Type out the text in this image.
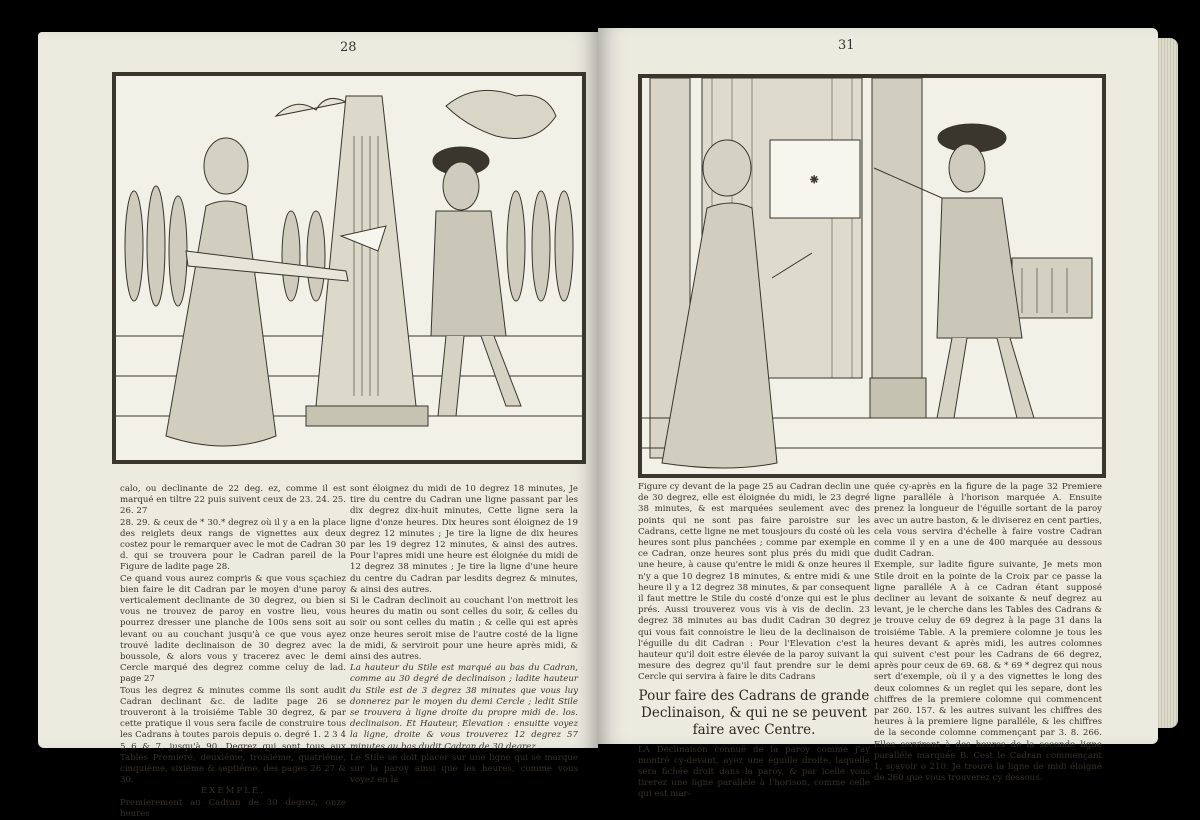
28

calo, ou declinante de 22 deg. ez, comme il est marqué en tiltre 22 puis suivent ceux de 23. 24. 25. 26. 27

28. 29. & ceux de * 30.* degrez où il y a en la place des reiglets deux rangs de vignettes aux deux costez pour le remarquer avec le mot de Cadran 30 d. qui se trouvera pour le Cadran pareil de la Figure de ladite page 28.

Ce quand vous aurez compris & que vous sçachiez bien faire le dit Cadran par le moyen d'une paroy verticalement declinante de 30 degrez, ou bien si vous ne trouvez de paroy en vostre lieu, vous pourrez dresser une planche de 100s sens soit au levant ou au couchant jusqu'à ce que vous ayez trouvé ladite declinaison de 30 degrez avec la boussole, & alors vous y tracerez avec le demi Cercle marqué des degrez comme celuy de lad. page 27

Tous les degrez & minutes comme ils sont audit Cadran declinant &c. de ladite page 26 se trouveront à la troisiéme Table 30 degrez, & par cette pratique il vous sera facile de construire tous les Cadrans à toutes parois depuis o. degré 1. 2 3 4 5 6 & 7, jusqu'à 90. Degrez qui sont tous aux Tables Premiere, deuxiéme, troisiéme, quatriéme, cinquiéme, sixiéme & septiéme, des pages 26 27 & 30.

EXEMPLE,

Premierement au Cadran de 30 degrez, onze heures

sont éloignez du midi de 10 degrez 18 minutes, Je tire du centre du Cadran une ligne passant par les dix degrez dix-huit minutes, Cette ligne sera la ligne d'onze heures. Dix heures sont éloignez de 19 degrez 12 minutes ; Je tire la ligne de dix heures par les 19 degrez 12 minutes, & ainsi des autres. Pour l'apres midi une heure est éloignée du midi de 12 degrez 38 minutes ; Je tire la ligne d'une heure du centre du Cadran par lesdits degrez & minutes, & ainsi des autres.

Si le Cadran declinoit au couchant l'on mettroit les heures du matin ou sont celles du soir, & celles du soir ou sont celles du matin ; & celle qui est après onze heures seroit mise de l'autre costé de la ligne de midi, & serviroit pour une heure après midi, & ainsi des autres.

La hauteur du Stile est marqué au bas du Cadran, comme au 30 degré de declinaison ; ladite hauteur du Stile est de 3 degrez 38 minutes que vous luy donnerez par le moyen du demi Cercle ; ledit Stile se trouvera à ligne droite du propre midi de. los. declinaison. Et Hauteur, Elevation : ensuitte voyez la ligne, droite & vous trouverez 12 degrez 57 minutes au bas dudit Cadran de 30 degrez.

Le Stile se doit placer sur une ligne qui se marque sur la paroy ainsi que les heures, comme vous voyez en la

31
✳

Figure cy devant de la page 25 au Cadran declin une de 30 degrez, elle est éloignée du midi, le 23 degré 38 minutes, & est marquées seulement avec des points qui ne sont pas faire paroistre sur les Cadrans, cette ligne ne met tousjours du costé où les heures sont plus panchées ; comme par exemple en ce Cadran, onze heures sont plus prés du midi que une heure, à cause qu'entre le midi & onze heures il n'y a que 10 degrez 18 minutes, & entre midi & une heure il y a 12 degrez 38 minutes, & par consequent il faut mettre le Stile du costé d'onze qui est le plus prés. Aussi trouverez vous vis à vis de declin. 23 degrez 38 minutes au bas dudit Cadran 30 degrez qui vous fait connoistre le lieu de la declinaison de l'éguille du dit Cadran : Pour l'Elevation c'est la hauteur qu'il doit estre élevée de la paroy suivant la mesure des degrez qu'il faut prendre sur le demi Cercle qui servira à faire le dits Cadrans

Pour faire des Cadrans de grande Declinaison, & qui ne se peuvent faire avec Centre.

LA Declinaison connuë de la paroy comme j'ay montré cy-devant, ayez une éguille droite, laquelle sera fichée droit dans la paroy, & par icelle vous tirerez une ligne paralléle à l'horison, comme celle qui est mar-

quée cy-après en la figure de la page 32 Premiere ligne paralléle à l'horison marquée A. Ensuite prenez la longueur de l'éguille sortant de la paroy avec un autre baston, & le diviserez en cent parties, cela vous servira d'échelle à faire vostre Cadran comme il y en a une de 400 marquée au dessous dudit Cadran.

Exemple, sur ladite figure suivante, Je mets mon Stile droit en la pointe de la Croix par ce passe la ligne paralléle A à ce Cadran étant supposé decliner au levant de soixante & neuf degrez au levant, je le cherche dans les Tables des Cadrans & je trouve celuy de 69 degrez à la page 31 dans la troisiéme Table. A la premiere colomne je tous les heures devant & après midi, les autres colomnes qui suivent c'est pour les Cadrans de 66 degrez, après pour ceux de 69. 68. & * 69 * degrez qui nous sert d'exemple, où il y a des vignettes le long des deux colomnes & un reglet qui les separe, dont les chiffres de la premiere colomne qui commencent par 260. 157. & les autres suivant les chiffres des heures à la premiere ligne paralléle, & les chiffres de la seconde colomne commençant par 3. 8. 266. Elles serviront à des heures de la seconde ligne paralléle marquée B. Cest le Cadran commençant 1, sçavoir o 210. Je trouve la ligne de midi éloigné de 260 que vous trouverez cy dessous.
